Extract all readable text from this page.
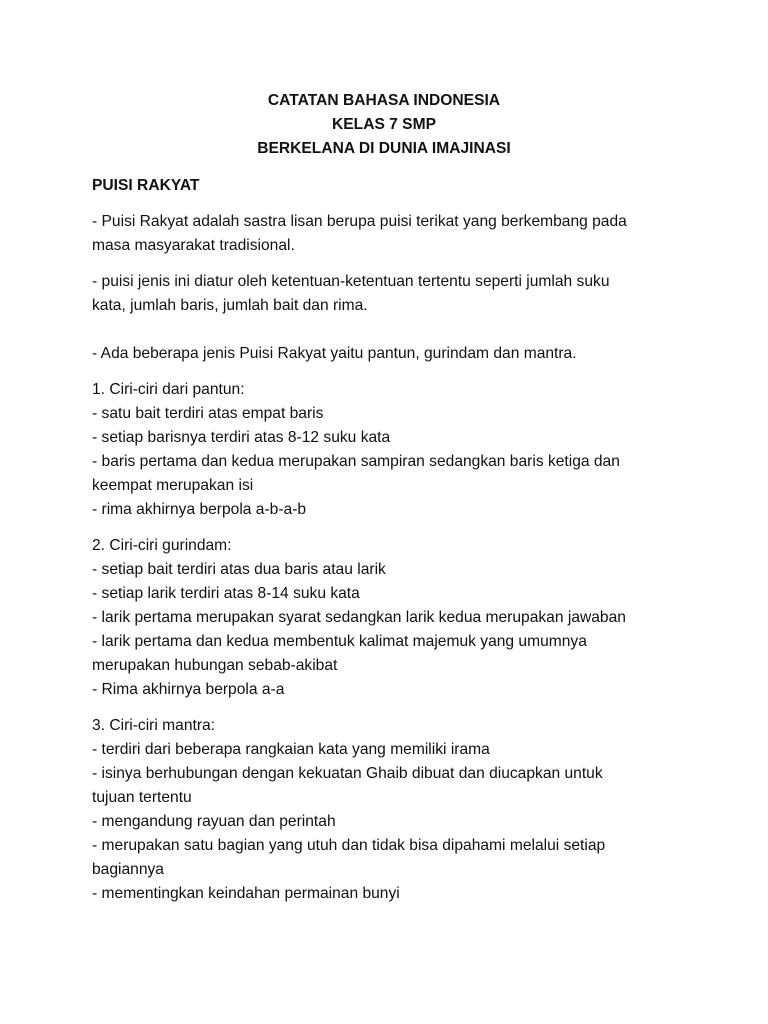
CATATAN BAHASA INDONESIA
KELAS 7 SMP
BERKELANA DI DUNIA IMAJINASI
PUISI RAKYAT
- Puisi Rakyat adalah sastra lisan berupa puisi terikat yang berkembang pada
masa masyarakat tradisional.
- puisi jenis ini diatur oleh ketentuan-ketentuan tertentu seperti jumlah suku
kata, jumlah baris, jumlah bait dan rima.
- Ada beberapa jenis Puisi Rakyat yaitu pantun, gurindam dan mantra.
1. Ciri-ciri dari pantun:
- satu bait terdiri atas empat baris
- setiap barisnya terdiri atas 8-12 suku kata
- baris pertama dan kedua merupakan sampiran sedangkan baris ketiga dan
keempat merupakan isi
- rima akhirnya berpola a-b-a-b
2. Ciri-ciri gurindam:
- setiap bait terdiri atas dua baris atau larik
- setiap larik terdiri atas 8-14 suku kata
- larik pertama merupakan syarat sedangkan larik kedua merupakan jawaban
- larik pertama dan kedua membentuk kalimat majemuk yang umumnya
merupakan hubungan sebab-akibat
- Rima akhirnya berpola a-a
3. Ciri-ciri mantra:
- terdiri dari beberapa rangkaian kata yang memiliki irama
- isinya berhubungan dengan kekuatan Ghaib dibuat dan diucapkan untuk
tujuan tertentu
- mengandung rayuan dan perintah
- merupakan satu bagian yang utuh dan tidak bisa dipahami melalui setiap
bagiannya
- mementingkan keindahan permainan bunyi
